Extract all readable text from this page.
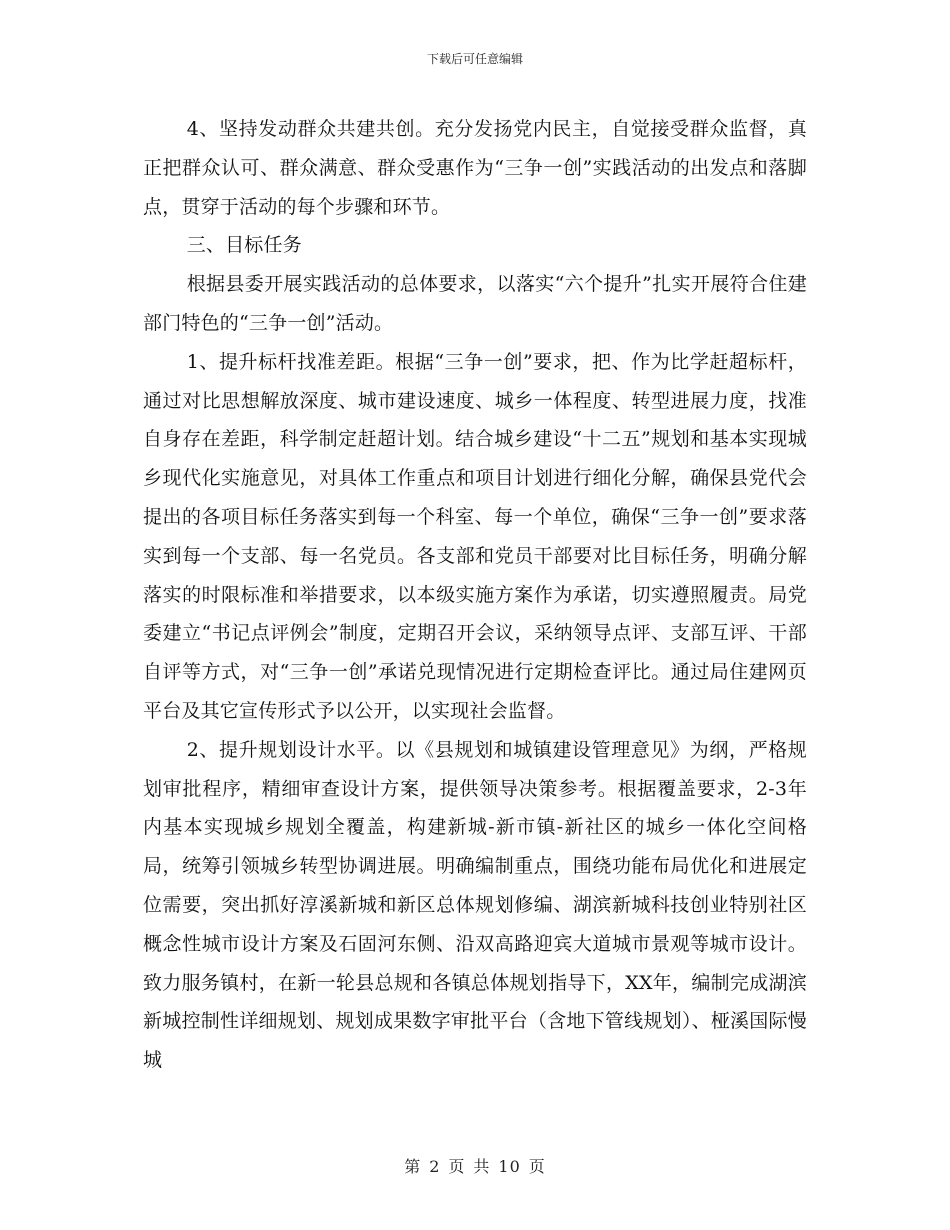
下载后可任意编辑

4、坚持发动群众共建共创。充分发扬党内民主，自觉接受群众监督，真正把群众认可、群众满意、群众受惠作为“三争一创”实践活动的出发点和落脚点，贯穿于活动的每个步骤和环节。

三、目标任务

根据县委开展实践活动的总体要求，以落实“六个提升”扎实开展符合住建部门特色的“三争一创”活动。

1、提升标杆找准差距。根据“三争一创”要求，把、作为比学赶超标杆，通过对比思想解放深度、城市建设速度、城乡一体程度、转型进展力度，找准自身存在差距，科学制定赶超计划。结合城乡建设“十二五”规划和基本实现城乡现代化实施意见，对具体工作重点和项目计划进行细化分解，确保县党代会提出的各项目标任务落实到每一个科室、每一个单位，确保“三争一创”要求落实到每一个支部、每一名党员。各支部和党员干部要对比目标任务，明确分解落实的时限标准和举措要求，以本级实施方案作为承诺，切实遵照履责。局党委建立“书记点评例会”制度，定期召开会议，采纳领导点评、支部互评、干部自评等方式，对“三争一创”承诺兑现情况进行定期检查评比。通过局住建网页平台及其它宣传形式予以公开，以实现社会监督。

2、提升规划设计水平。以《县规划和城镇建设管理意见》为纲，严格规划审批程序，精细审查设计方案，提供领导决策参考。根据覆盖要求，2-3年内基本实现城乡规划全覆盖，构建新城-新市镇-新社区的城乡一体化空间格局，统筹引领城乡转型协调进展。明确编制重点，围绕功能布局优化和进展定位需要，突出抓好淳溪新城和新区总体规划修编、湖滨新城科技创业特别社区概念性城市设计方案及石固河东侧、沿双高路迎宾大道城市景观等城市设计。致力服务镇村，在新一轮县总规和各镇总体规划指导下，XX年，编制完成湖滨新城控制性详细规划、规划成果数字审批平台（含地下管线规划）、桠溪国际慢城

第 2 页 共 10 页
